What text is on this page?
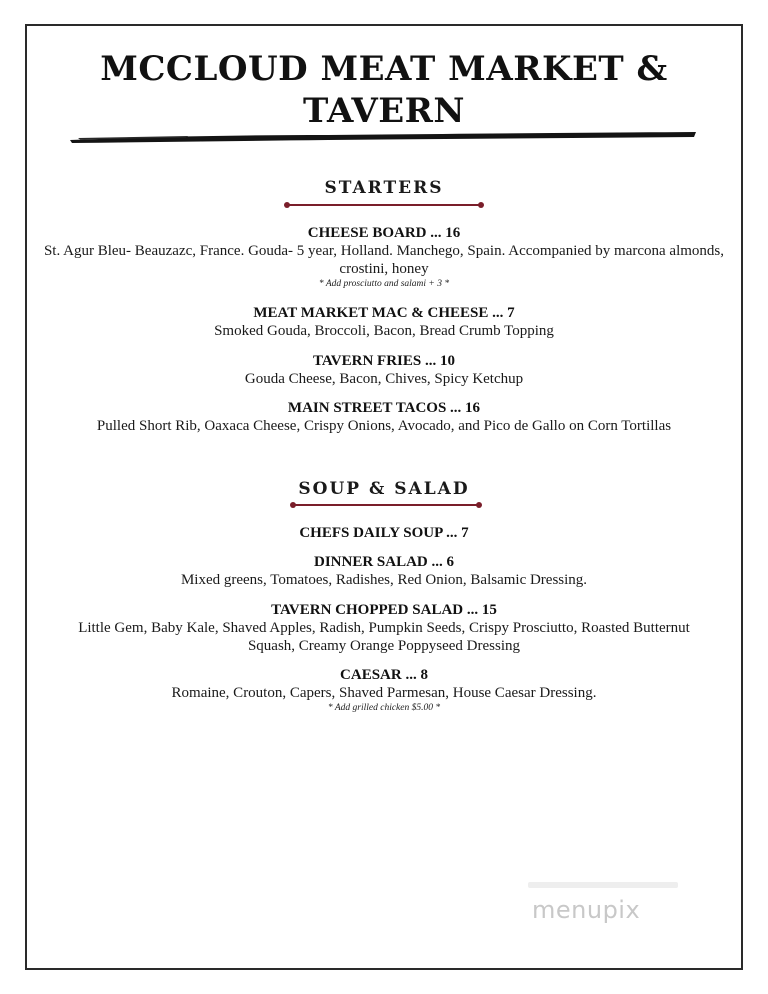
MCCLOUD MEAT MARKET &
TAVERN
STARTERS
CHEESE BOARD ... 16
St. Agur Bleu- Beauzazc, France. Gouda- 5 year, Holland. Manchego, Spain. Accompanied by marcona almonds, crostini, honey
* Add prosciutto and salami + 3 *
MEAT MARKET MAC & CHEESE ... 7
Smoked Gouda, Broccoli, Bacon, Bread Crumb Topping
TAVERN FRIES ... 10
Gouda Cheese, Bacon, Chives, Spicy Ketchup
MAIN STREET TACOS ... 16
Pulled Short Rib, Oaxaca Cheese, Crispy Onions, Avocado, and Pico de Gallo on Corn Tortillas
SOUP & SALAD
CHEFS DAILY SOUP ... 7
DINNER SALAD ... 6
Mixed greens, Tomatoes, Radishes, Red Onion, Balsamic Dressing.
TAVERN CHOPPED SALAD ... 15
Little Gem, Baby Kale, Shaved Apples, Radish, Pumpkin Seeds, Crispy Prosciutto, Roasted Butternut Squash, Creamy Orange Poppyseed Dressing
CAESAR ... 8
Romaine, Crouton, Capers, Shaved Parmesan, House Caesar Dressing.
* Add grilled chicken $5.00 *
menupix
